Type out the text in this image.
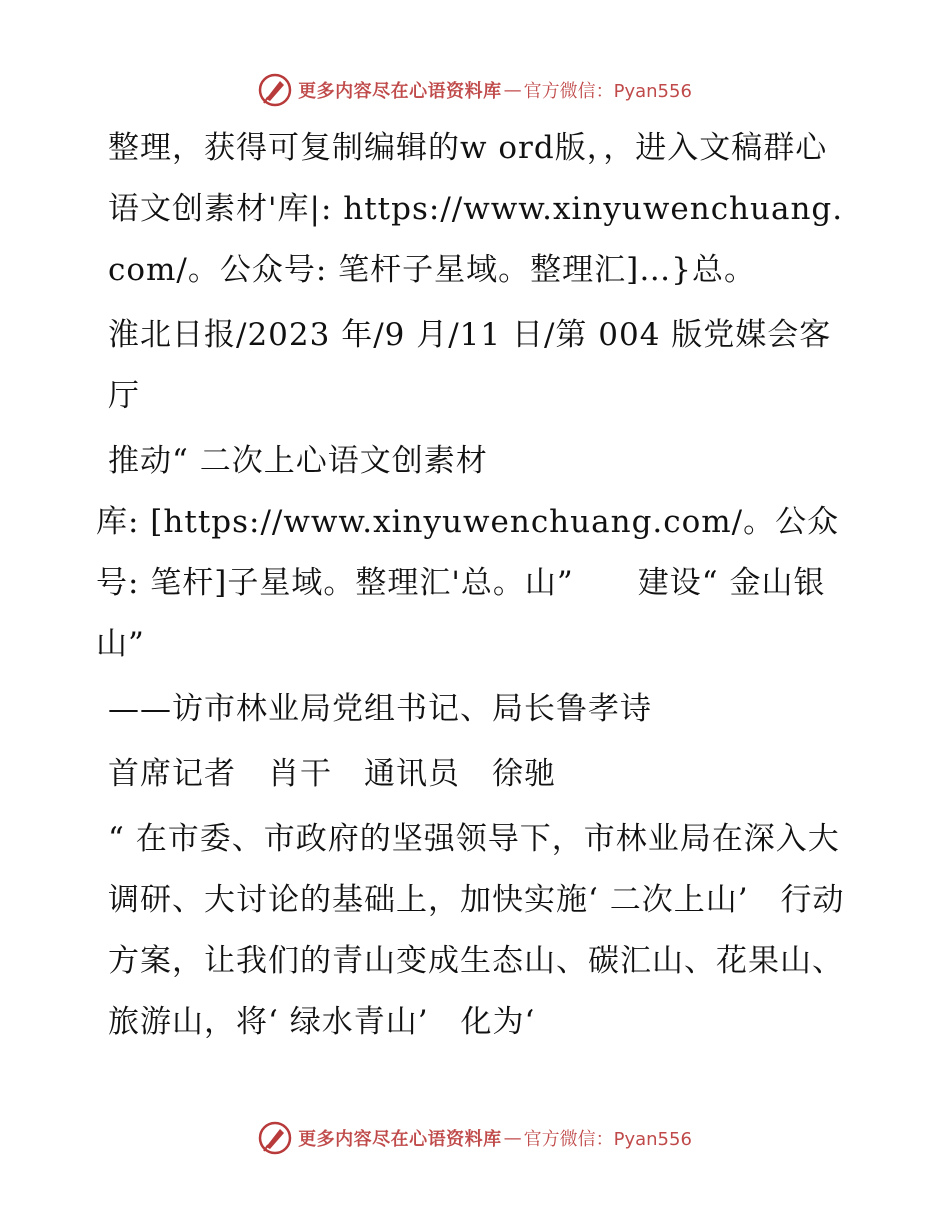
更多内容尽在心语资料库 — 官方微信：Pyan556

整理，获得可复制编辑的w ord版，，进入文稿群心语文创素材'库|: https://www.xinyuwenchuang.com/。公众号: 笔杆子星域。整理汇]…}总。

淮北日报/2023 年/9 月/11 日/第 004 版党媒会客厅

推动“ 二次上心语文创素材

库: [https://www.xinyuwenchuang.com/。公众号: 笔杆]子星域。整理汇'总。山”　　建设“ 金山银山”

——访市林业局党组书记、局长鲁孝诗

首席记者　肖干　通讯员　徐驰

“ 在市委、市政府的坚强领导下，市林业局在深入大调研、大讨论的基础上，加快实施‘ 二次上山’　行动方案，让我们的青山变成生态山、碳汇山、花果山、旅游山，将‘ 绿水青山’　化为‘

更多内容尽在心语资料库 — 官方微信：Pyan556
